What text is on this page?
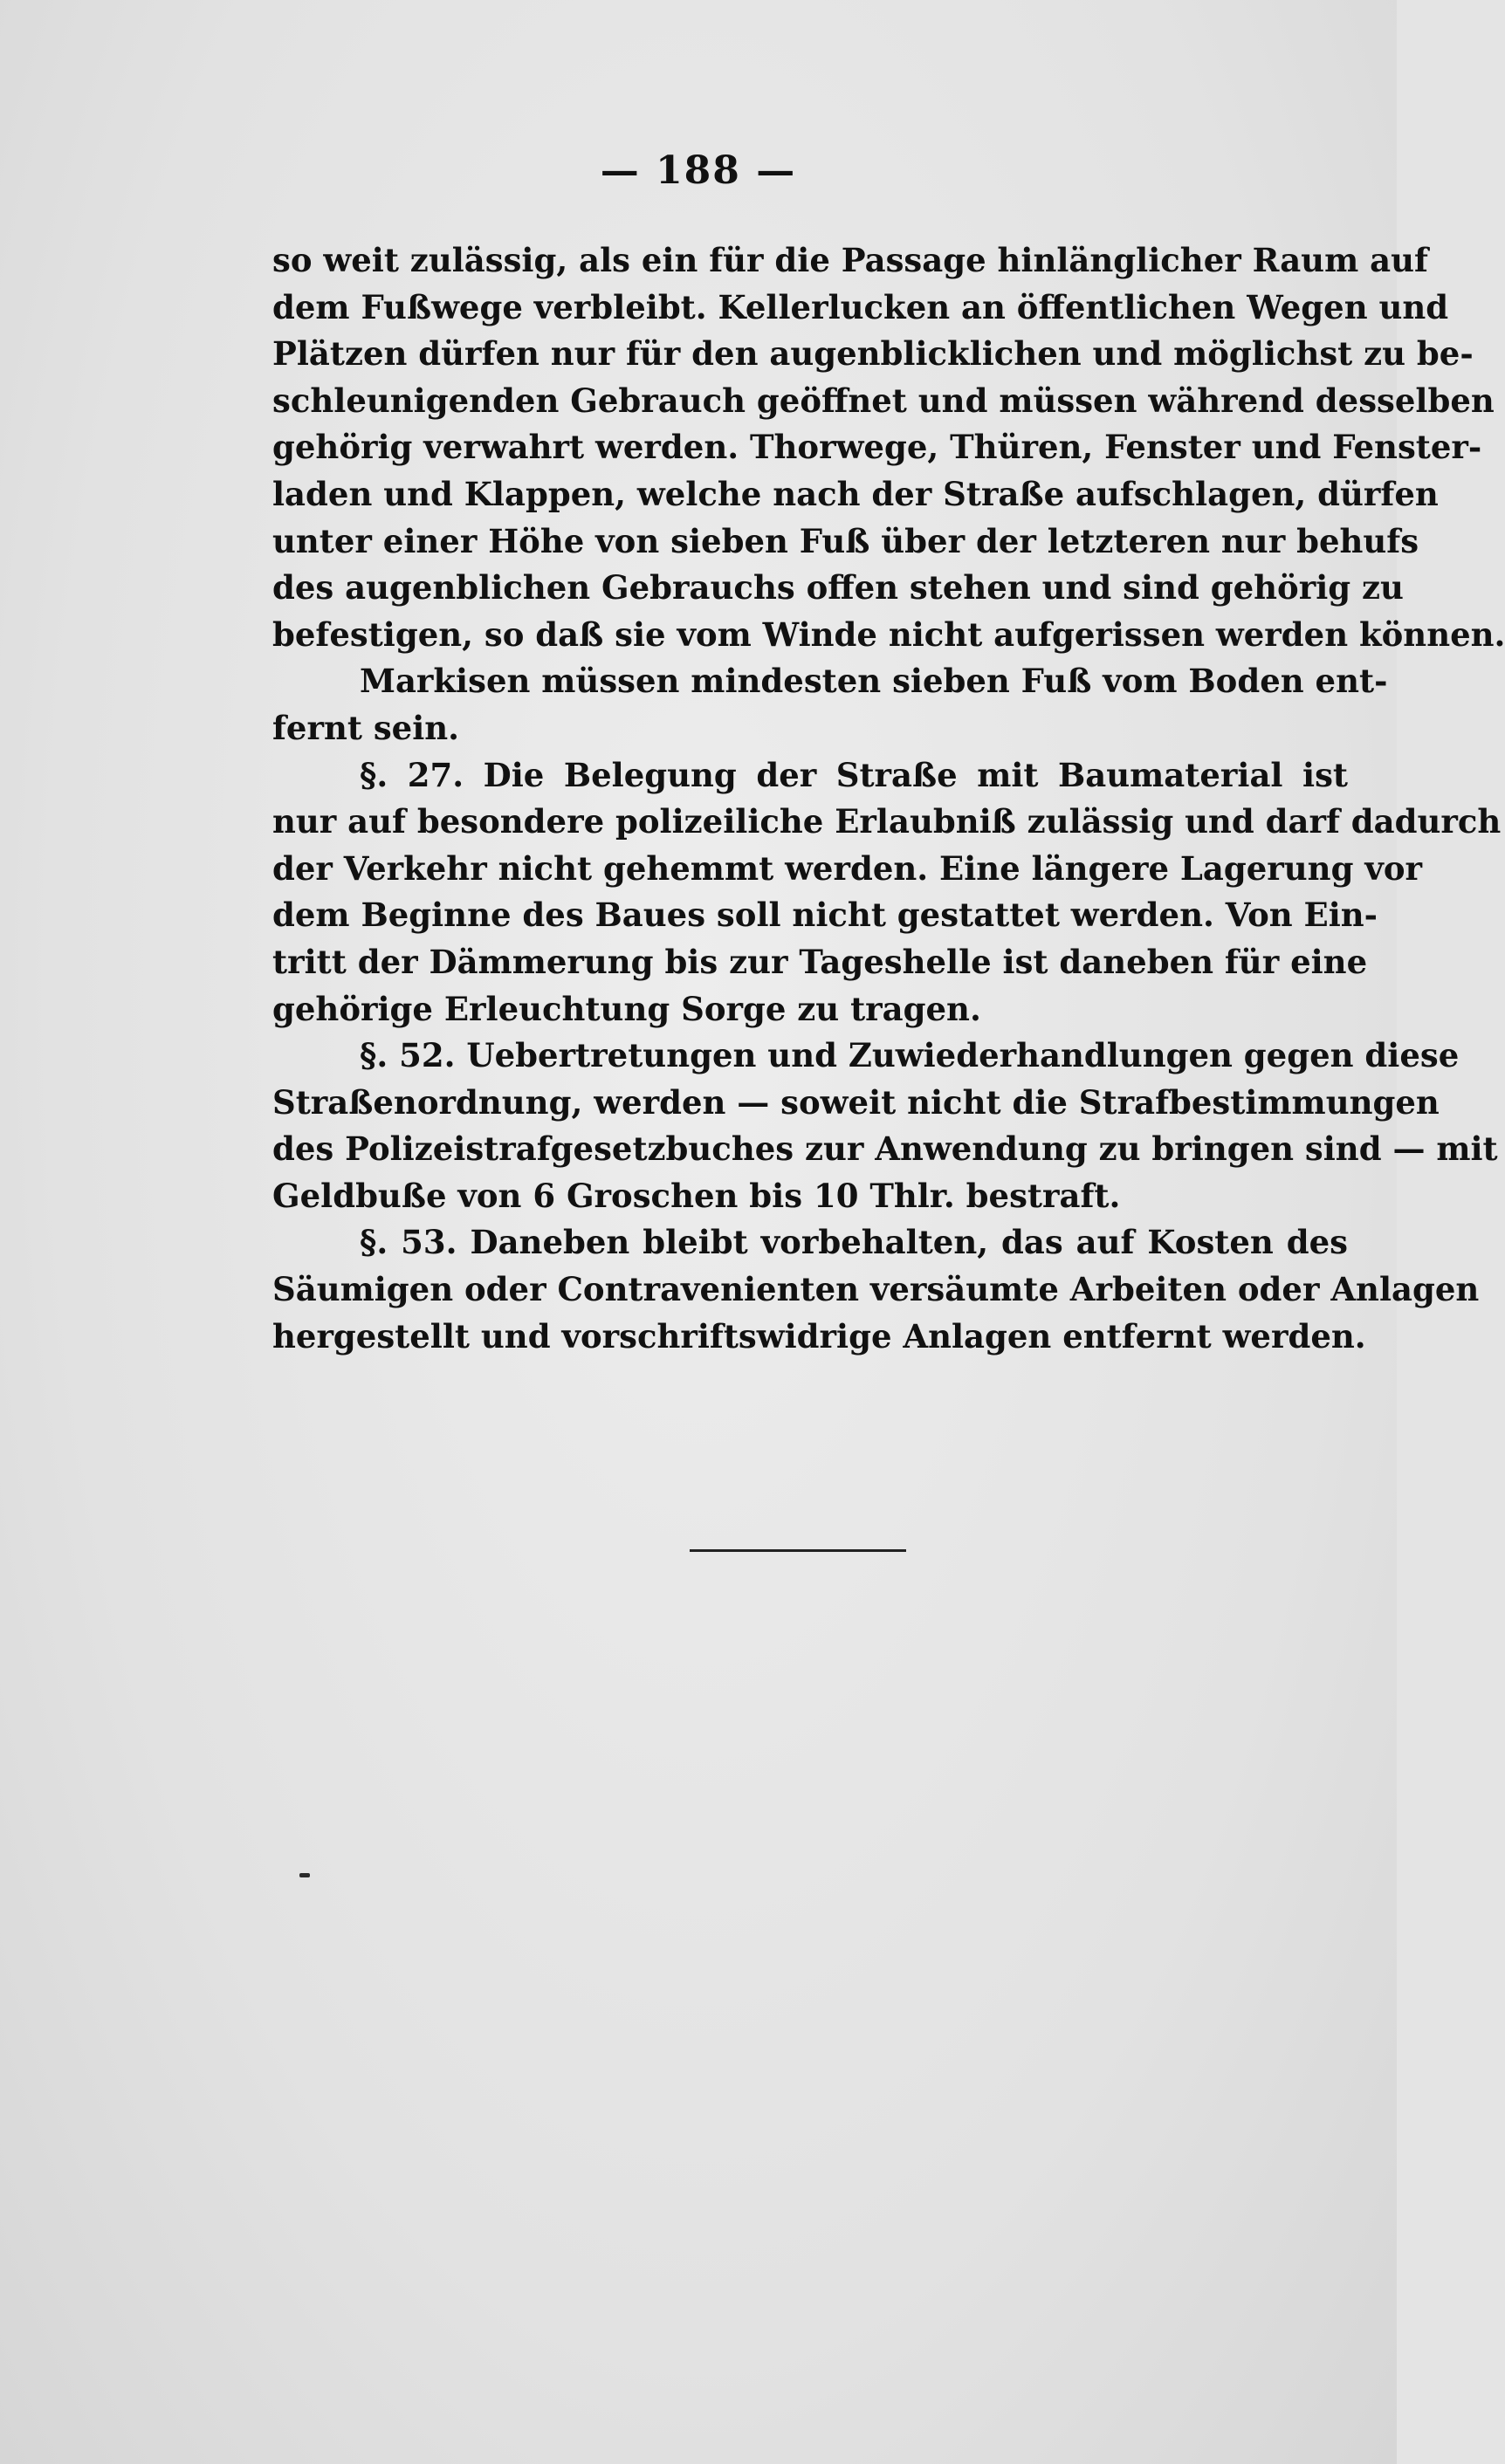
— 188 —
so weit zulässig, als ein für die Passage hinlänglicher Raum auf
dem Fußwege verbleibt. Kellerlucken an öffentlichen Wegen und
Plätzen dürfen nur für den augenblicklichen und möglichst zu be-
schleunigenden Gebrauch geöffnet und müssen während desselben
gehörig verwahrt werden. Thorwege, Thüren, Fenster und Fenster-
laden und Klappen, welche nach der Straße aufschlagen, dürfen
unter einer Höhe von sieben Fuß über der letzteren nur behufs
des augenblichen Gebrauchs offen stehen und sind gehörig zu
befestigen, so daß sie vom Winde nicht aufgerissen werden können.
Markisen müssen mindesten sieben Fuß vom Boden ent-
fernt sein.
§. 27. Die Belegung der Straße mit Baumaterial ist
nur auf besondere polizeiliche Erlaubniß zulässig und darf dadurch
der Verkehr nicht gehemmt werden. Eine längere Lagerung vor
dem Beginne des Baues soll nicht gestattet werden. Von Ein-
tritt der Dämmerung bis zur Tageshelle ist daneben für eine
gehörige Erleuchtung Sorge zu tragen.
§. 52. Uebertretungen und Zuwiederhandlungen gegen diese
Straßenordnung, werden — soweit nicht die Strafbestimmungen
des Polizeistrafgesetzbuches zur Anwendung zu bringen sind — mit
Geldbuße von 6 Groschen bis 10 Thlr. bestraft.
§. 53. Daneben bleibt vorbehalten, das auf Kosten des
Säumigen oder Contravenienten versäumte Arbeiten oder Anlagen
hergestellt und vorschriftswidrige Anlagen entfernt werden.
